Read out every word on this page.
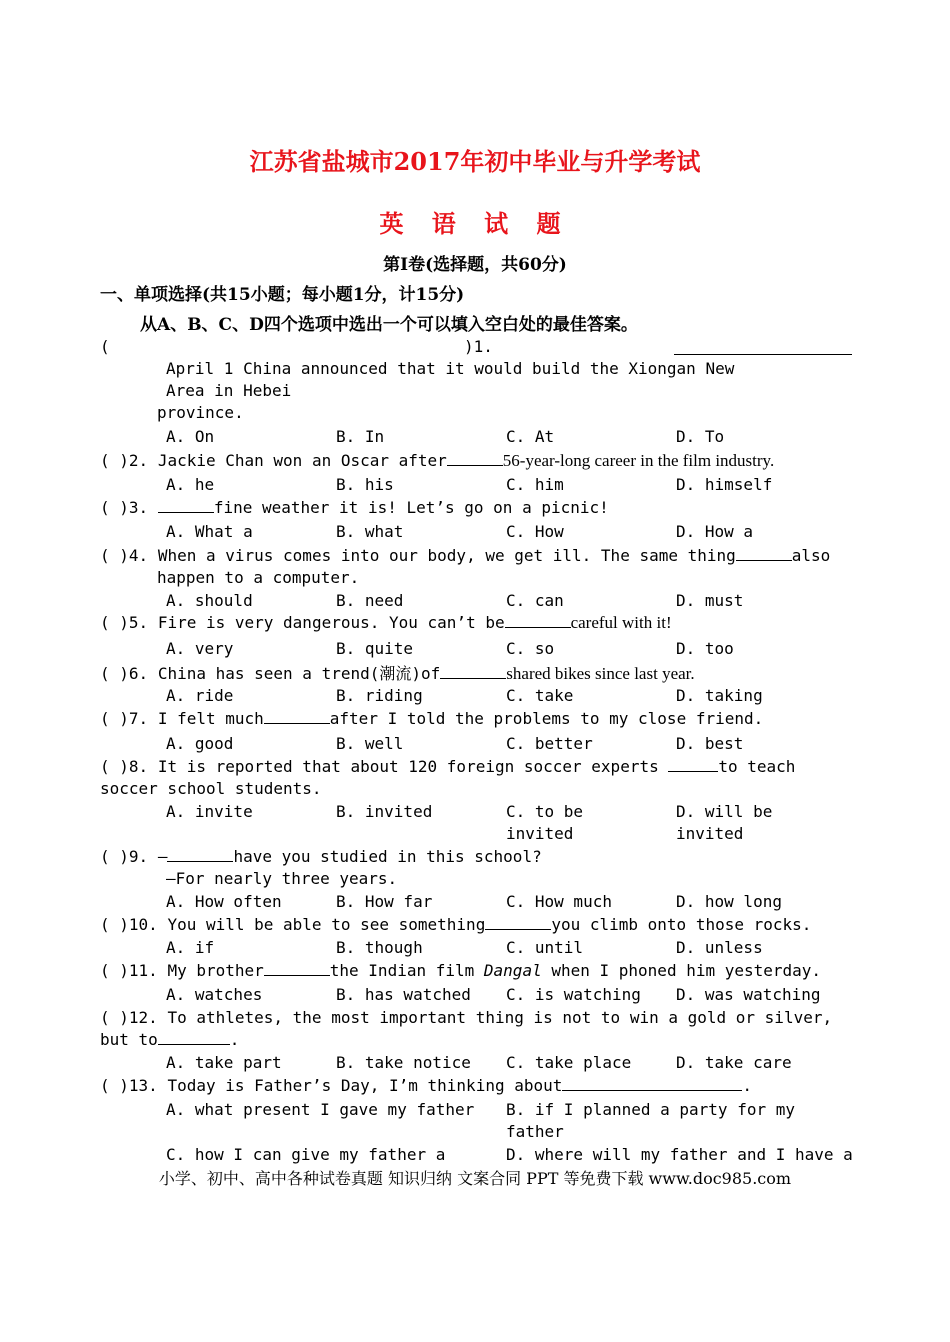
江苏省盐城市2017年初中毕业与升学考试
英 语 试 题
第Ⅰ卷(选择题，共60分)
一、单项选择(共15小题；每小题1分，计15分)
从A、B、C、D四个选项中选出一个可以填入空白处的最佳答案。
(	)1.
April 1 China announced that it would build the Xiongan New
Area in Hebei
province.
A. On	B. In	C. At	D. To
( )2. Jackie Chan won an Oscar after	56-year-long career in the film industry.
A. he	B. his	C. him	D. himself
( )3.	fine weather it is! Let’s go on a picnic!
A. What a	B. what	C. How	D. How a
( )4. When a virus comes into our body, we get ill. The same thing	also
happen to a computer.
A. should	B. need	C. can	D. must
( )5. Fire is very dangerous. You can’t be	careful with it!
A. very	B. quite	C. so	D. too
( )6. China has seen a trend(潮流)of	shared bikes since last year.
A. ride	B. riding	C. take	D. taking
( )7. I felt much	after I told the problems to my close friend.
A. good	B. well	C. better	D. best
( )8. It is reported that about 120 foreign soccer experts	to teach
soccer school students.
A. invite	B. invited	C. to be
invited
D. will be
invited
( )9. —	have you studied in this school?
—For nearly three years.
A. How often	B. How far	C. How much	D. how long
( )10. You will be able to see something	you climb onto those rocks.
A. if	B. though	C. until	D. unless
( )11. My brother	the Indian film Dangal when I phoned him yesterday.
A. watches	B. has watched C. is watching D. was watching
( )12. To athletes, the most important thing is not to win a gold or silver,
but to	.
A. take part	B. take notice C. take place	D. take care
( )13. Today is Father’s Day, I’m thinking about	.
A. what present I gave my father B. if I planned a party for my
father
C. how I can give my father a	D. where will my father and I have a
小学、初中、高中各种试卷真题 知识归纳 文案合同 PPT 等免费下载 www.doc985.com
